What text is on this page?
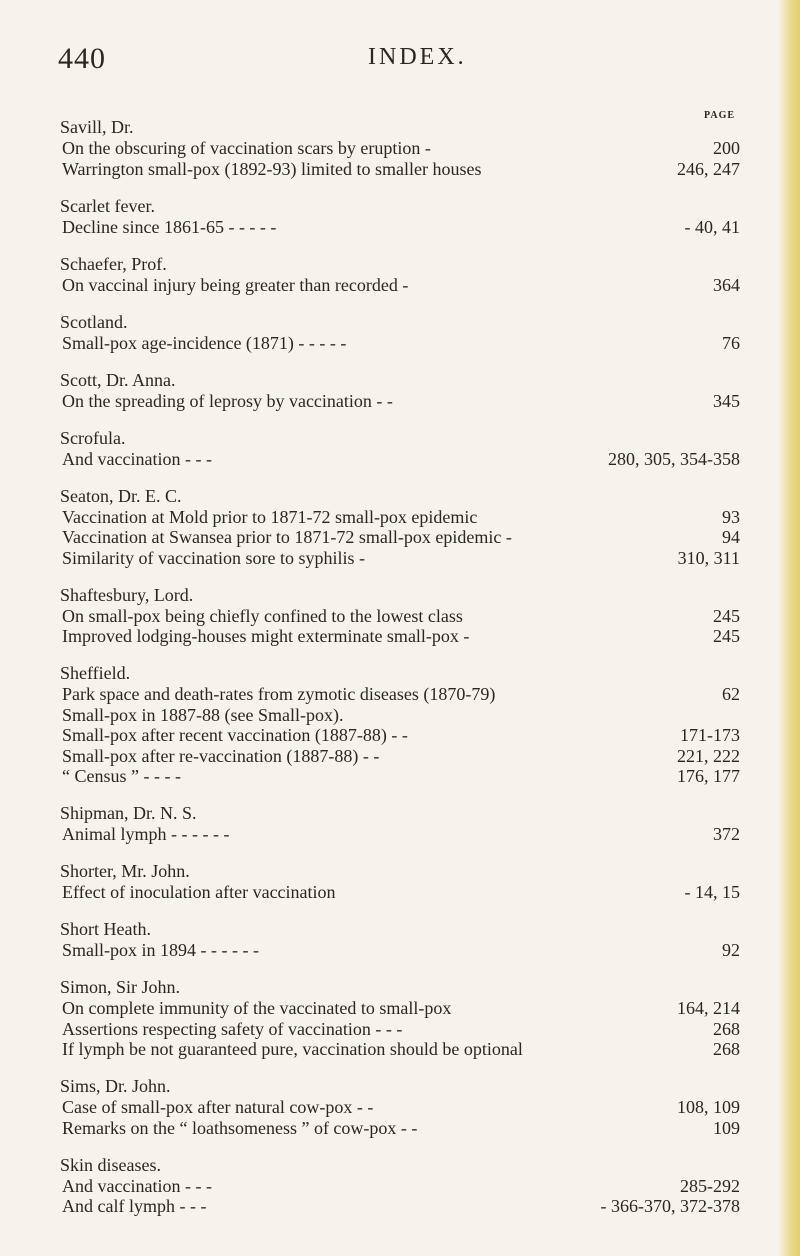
440	INDEX.
PAGE
Savill, Dr.
On the obscuring of vaccination scars by eruption -	200
Warrington small-pox (1892-93) limited to smaller houses	246, 247
Scarlet fever.
Decline since 1861-65 - - - - -	- 40, 41
Schaefer, Prof.
On vaccinal injury being greater than recorded -	364
Scotland.
Small-pox age-incidence (1871) - - - - -	76
Scott, Dr. Anna.
On the spreading of leprosy by vaccination - -	345
Scrofula.
And vaccination - - -	280, 305, 354-358
Seaton, Dr. E. C.
Vaccination at Mold prior to 1871-72 small-pox epidemic	93
Vaccination at Swansea prior to 1871-72 small-pox epidemic -	94
Similarity of vaccination sore to syphilis -	310, 311
Shaftesbury, Lord.
On small-pox being chiefly confined to the lowest class	245
Improved lodging-houses might exterminate small-pox -	245
Sheffield.
Park space and death-rates from zymotic diseases (1870-79)	62
Small-pox in 1887-88 (see Small-pox).
Small-pox after recent vaccination (1887-88) - -	171-173
Small-pox after re-vaccination (1887-88) - -	221, 222
“ Census ” - - - -	176, 177
Shipman, Dr. N. S.
Animal lymph - - - - - -	372
Shorter, Mr. John.
Effect of inoculation after vaccination	- 14, 15
Short Heath.
Small-pox in 1894 - - - - - -	92
Simon, Sir John.
On complete immunity of the vaccinated to small-pox	164, 214
Assertions respecting safety of vaccination - - -	268
If lymph be not guaranteed pure, vaccination should be optional	268
Sims, Dr. John.
Case of small-pox after natural cow-pox - -	108, 109
Remarks on the “ loathsomeness ” of cow-pox - -	109
Skin diseases.
And vaccination - - -	285-292
And calf lymph - - -	- 366-370, 372-378
